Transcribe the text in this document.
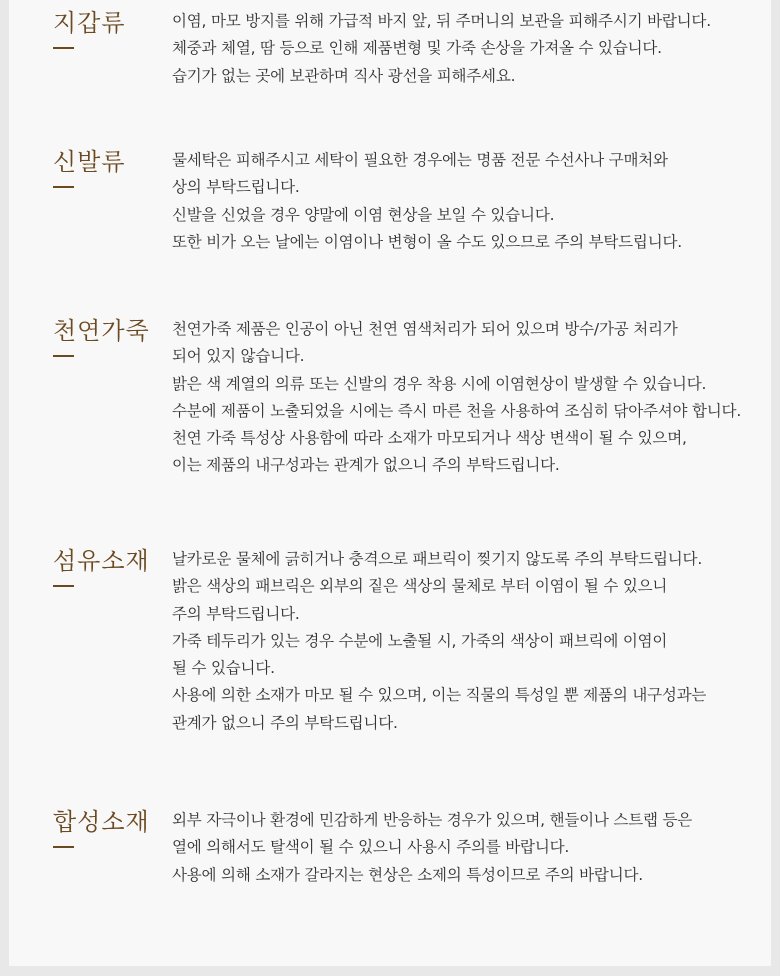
지갑류	이염, 마모 방지를 위해 가급적 바지 앞, 뒤 주머니의 보관을 피해주시기 바랍니다.
체중과 체열, 땀 등으로 인해 제품변형 및 가죽 손상을 가져올 수 있습니다.
습기가 없는 곳에 보관하며 직사 광선을 피해주세요.
신발류	물세탁은 피해주시고 세탁이 필요한 경우에는 명품 전문 수선사나 구매처와
상의 부탁드립니다.
신발을 신었을 경우 양말에 이염 현상을 보일 수 있습니다.
또한 비가 오는 날에는 이염이나 변형이 올 수도 있으므로 주의 부탁드립니다.
천연가죽 천연가죽 제품은 인공이 아닌 천연 염색처리가 되어 있으며 방수/가공 처리가
되어 있지 않습니다.
밝은 색 계열의 의류 또는 신발의 경우 착용 시에 이염현상이 발생할 수 있습니다.
수분에 제품이 노출되었을 시에는 즉시 마른 천을 사용하여 조심히 닦아주셔야 합니다.
천연 가죽 특성상 사용함에 따라 소재가 마모되거나 색상 변색이 될 수 있으며,
이는 제품의 내구성과는 관계가 없으니 주의 부탁드립니다.
섬유소재 날카로운 물체에 긁히거나 충격으로 패브릭이 찢기지 않도록 주의 부탁드립니다.
밝은 색상의 패브릭은 외부의 짙은 색상의 물체로 부터 이염이 될 수 있으니
주의 부탁드립니다.
가죽 테두리가 있는 경우 수분에 노출될 시, 가죽의 색상이 패브릭에 이염이
될 수 있습니다.
사용에 의한 소재가 마모 될 수 있으며, 이는 직물의 특성일 뿐 제품의 내구성과는
관계가 없으니 주의 부탁드립니다.
합성소재 외부 자극이나 환경에 민감하게 반응하는 경우가 있으며, 핸들이나 스트랩 등은
열에 의해서도 탈색이 될 수 있으니 사용시 주의를 바랍니다.
사용에 의해 소재가 갈라지는 현상은 소제의 특성이므로 주의 바랍니다.
